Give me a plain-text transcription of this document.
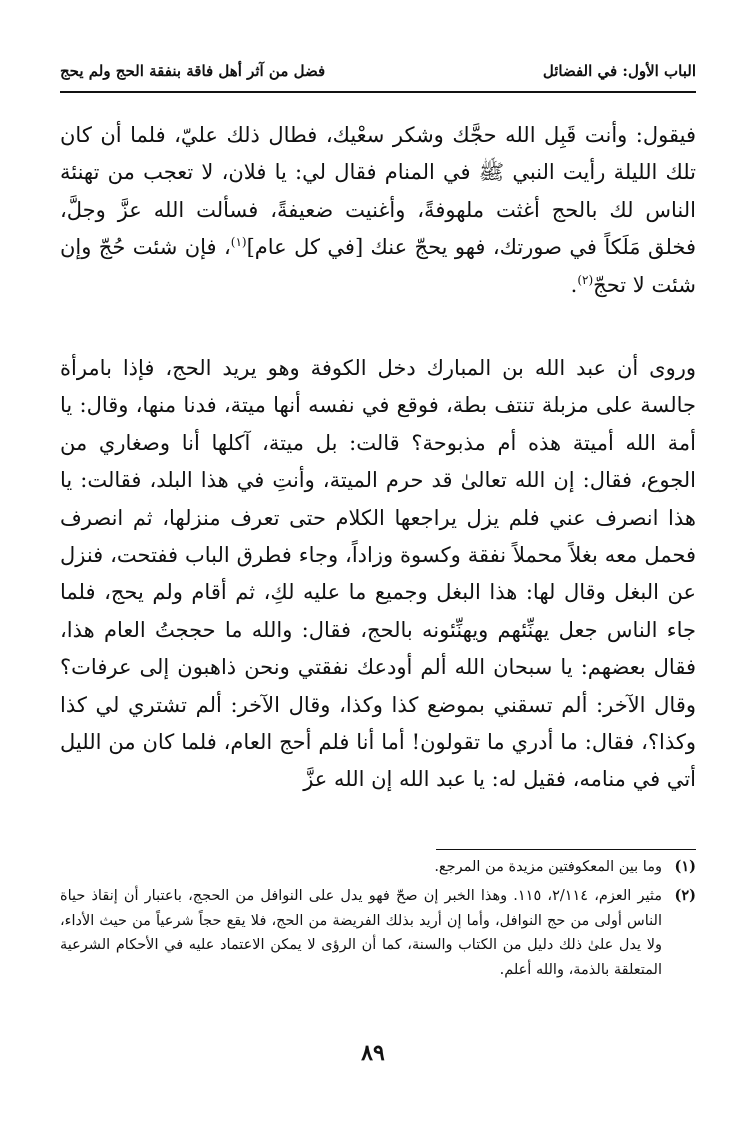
الباب الأول: في الفضائل
فضل من آثر أهل فاقة بنفقة الحج ولم يحج

فيقول: وأنت قَبِل الله حجَّك وشكر سعْيك، فطال ذلك عليّ، فلما أن كان تلك الليلة رأيت النبي ﷺ في المنام فقال لي: يا فلان، لا تعجب من تهنئة الناس لك بالحج أغثت ملهوفةً، وأغنيت ضعيفةً، فسألت الله عزَّ وجلَّ، فخلق مَلَكاً في صورتك، فهو يحجّ عنك [في كل عام]$^{(١)}$، فإن شئت حُجّ وإن شئت لا تحجّ$^{(٢)}$.

وروى أن عبد الله بن المبارك دخل الكوفة وهو يريد الحج، فإذا بامرأة جالسة على مزبلة تنتف بطة، فوقع في نفسه أنها ميتة، فدنا منها، وقال: يا أمة الله أميتة هذه أم مذبوحة؟ قالت: بل ميتة، آكلها أنا وصغاري من الجوع، فقال: إن الله تعالىٰ قد حرم الميتة، وأنتِ في هذا البلد، فقالت: يا هذا انصرف عني فلم يزل يراجعها الكلام حتى تعرف منزلها، ثم انصرف فحمل معه بغلاً محملاً نفقة وكسوة وزاداً، وجاء فطرق الباب ففتحت، فنزل عن البغل وقال لها: هذا البغل وجميع ما عليه لكِ، ثم أقام ولم يحج، فلما جاء الناس جعل يهنِّئهم ويهنِّئونه بالحج، فقال: والله ما حججتُ العام هذا، فقال بعضهم: يا سبحان الله ألم أودعك نفقتي ونحن ذاهبون إلى عرفات؟ وقال الآخر: ألم تسقني بموضع كذا وكذا، وقال الآخر: ألم تشتري لي كذا وكذا؟، فقال: ما أدري ما تقولون! أما أنا فلم أحج العام، فلما كان من الليل أتي في منامه، فقيل له: يا عبد الله إن الله عزَّ

(١)
وما بين المعكوفتين مزيدة من المرجع.
(٢)
مثير العزم، ٢/١١٤، ١١٥. وهذا الخبر إن صحّ فهو يدل على النوافل من الحجج، باعتبار أن إنقاذ حياة الناس أولى من حج النوافل، وأما إن أريد بذلك الفريضة من الحج، فلا يقع حجاً شرعياً من حيث الأداء، ولا يدل علىٰ ذلك دليل من الكتاب والسنة، كما أن الرؤى لا يمكن الاعتماد عليه في الأحكام الشرعية المتعلقة بالذمة، والله أعلم.
٨٩
